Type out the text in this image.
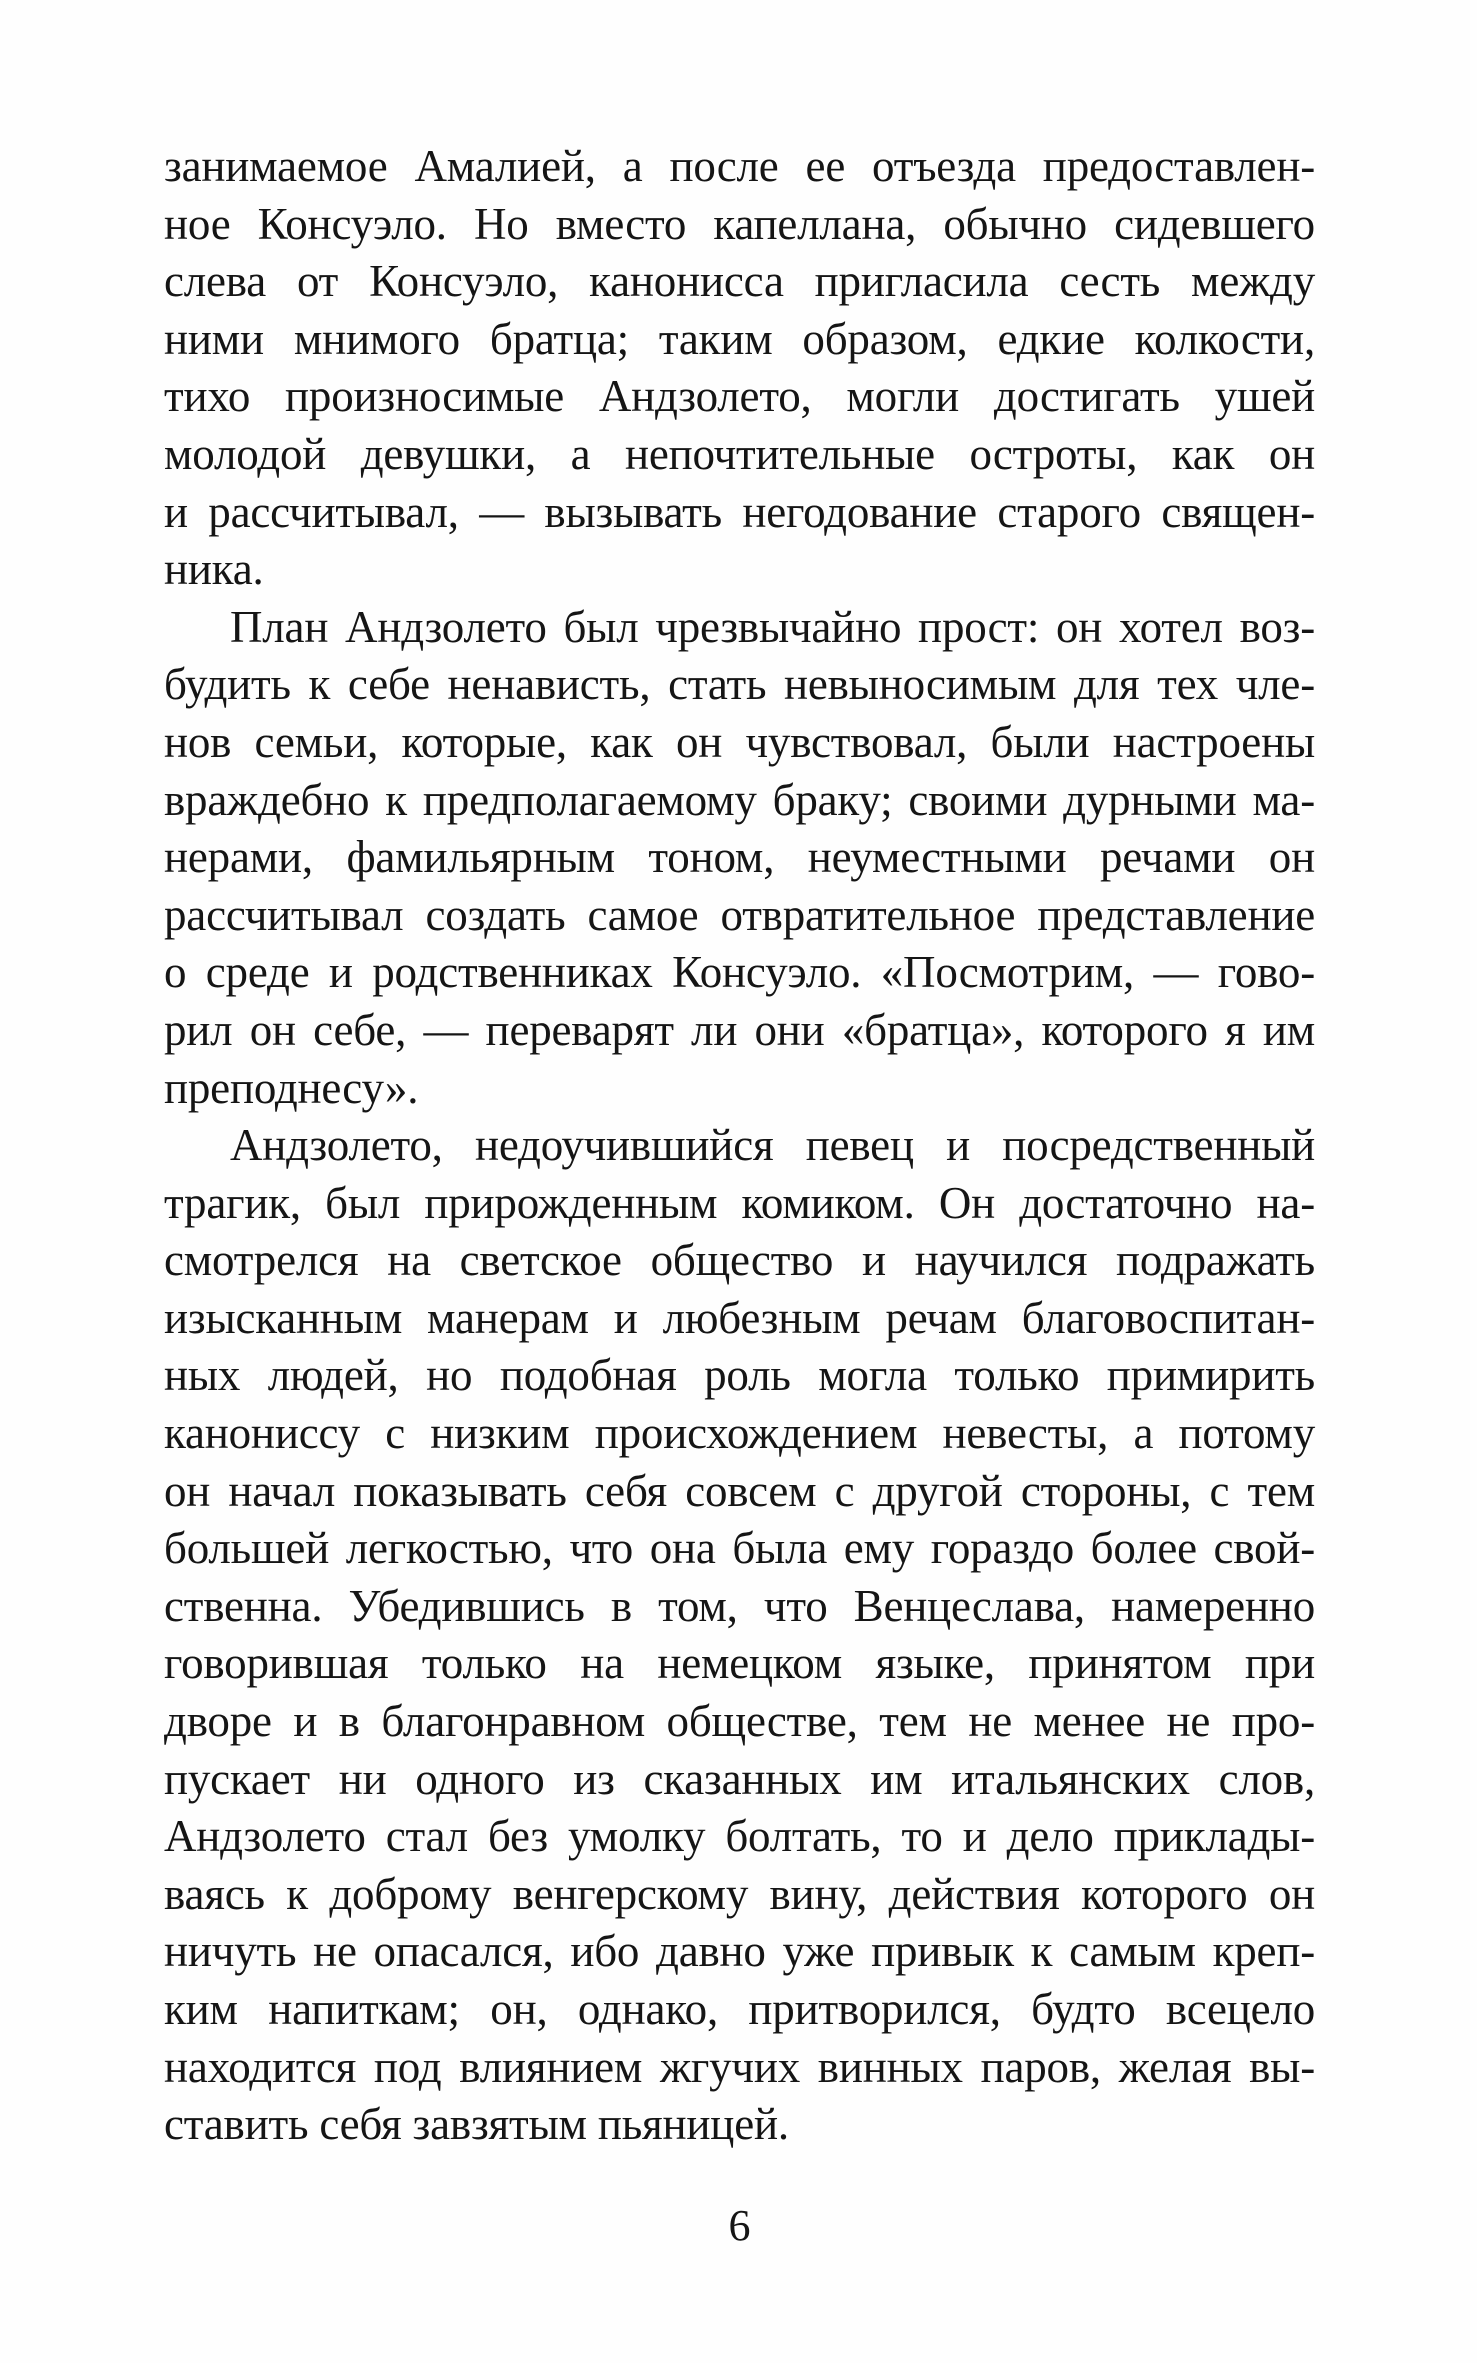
занимаемое Амалией, а после ее отъезда предоставлен-
ное Консуэло. Но вместо капеллана, обычно сидевшего
слева от Консуэло, канонисса пригласила сесть между
ними мнимого братца; таким образом, едкие колкости,
тихо произносимые Андзолето, могли достигать ушей
молодой девушки, а непочтительные остроты, как он
и рассчитывал, — вызывать негодование старого священ-
ника.
План Андзолето был чрезвычайно прост: он хотел воз-
будить к себе ненависть, стать невыносимым для тех чле-
нов семьи, которые, как он чувствовал, были настроены
враждебно к предполагаемому браку; своими дурными ма-
нерами, фамильярным тоном, неуместными речами он
рассчитывал создать самое отвратительное представление
о среде и родственниках Консуэло. «Посмотрим, — гово-
рил он себе, — переварят ли они «братца», которого я им
преподнесу».
Андзолето, недоучившийся певец и посредственный
трагик, был прирожденным комиком. Он достаточно на-
смотрелся на светское общество и научился подражать
изысканным манерам и любезным речам благовоспитан-
ных людей, но подобная роль могла только примирить
канониссу с низким происхождением невесты, а потому
он начал показывать себя совсем с другой стороны, с тем
большей легкостью, что она была ему гораздо более свой-
ственна. Убедившись в том, что Венцеслава, намеренно
говорившая только на немецком языке, принятом при
дворе и в благонравном обществе, тем не менее не про-
пускает ни одного из сказанных им итальянских слов,
Андзолето стал без умолку болтать, то и дело приклады-
ваясь к доброму венгерскому вину, действия которого он
ничуть не опасался, ибо давно уже привык к самым креп-
ким напиткам; он, однако, притворился, будто всецело
находится под влиянием жгучих винных паров, желая вы-
ставить себя завзятым пьяницей.
6
